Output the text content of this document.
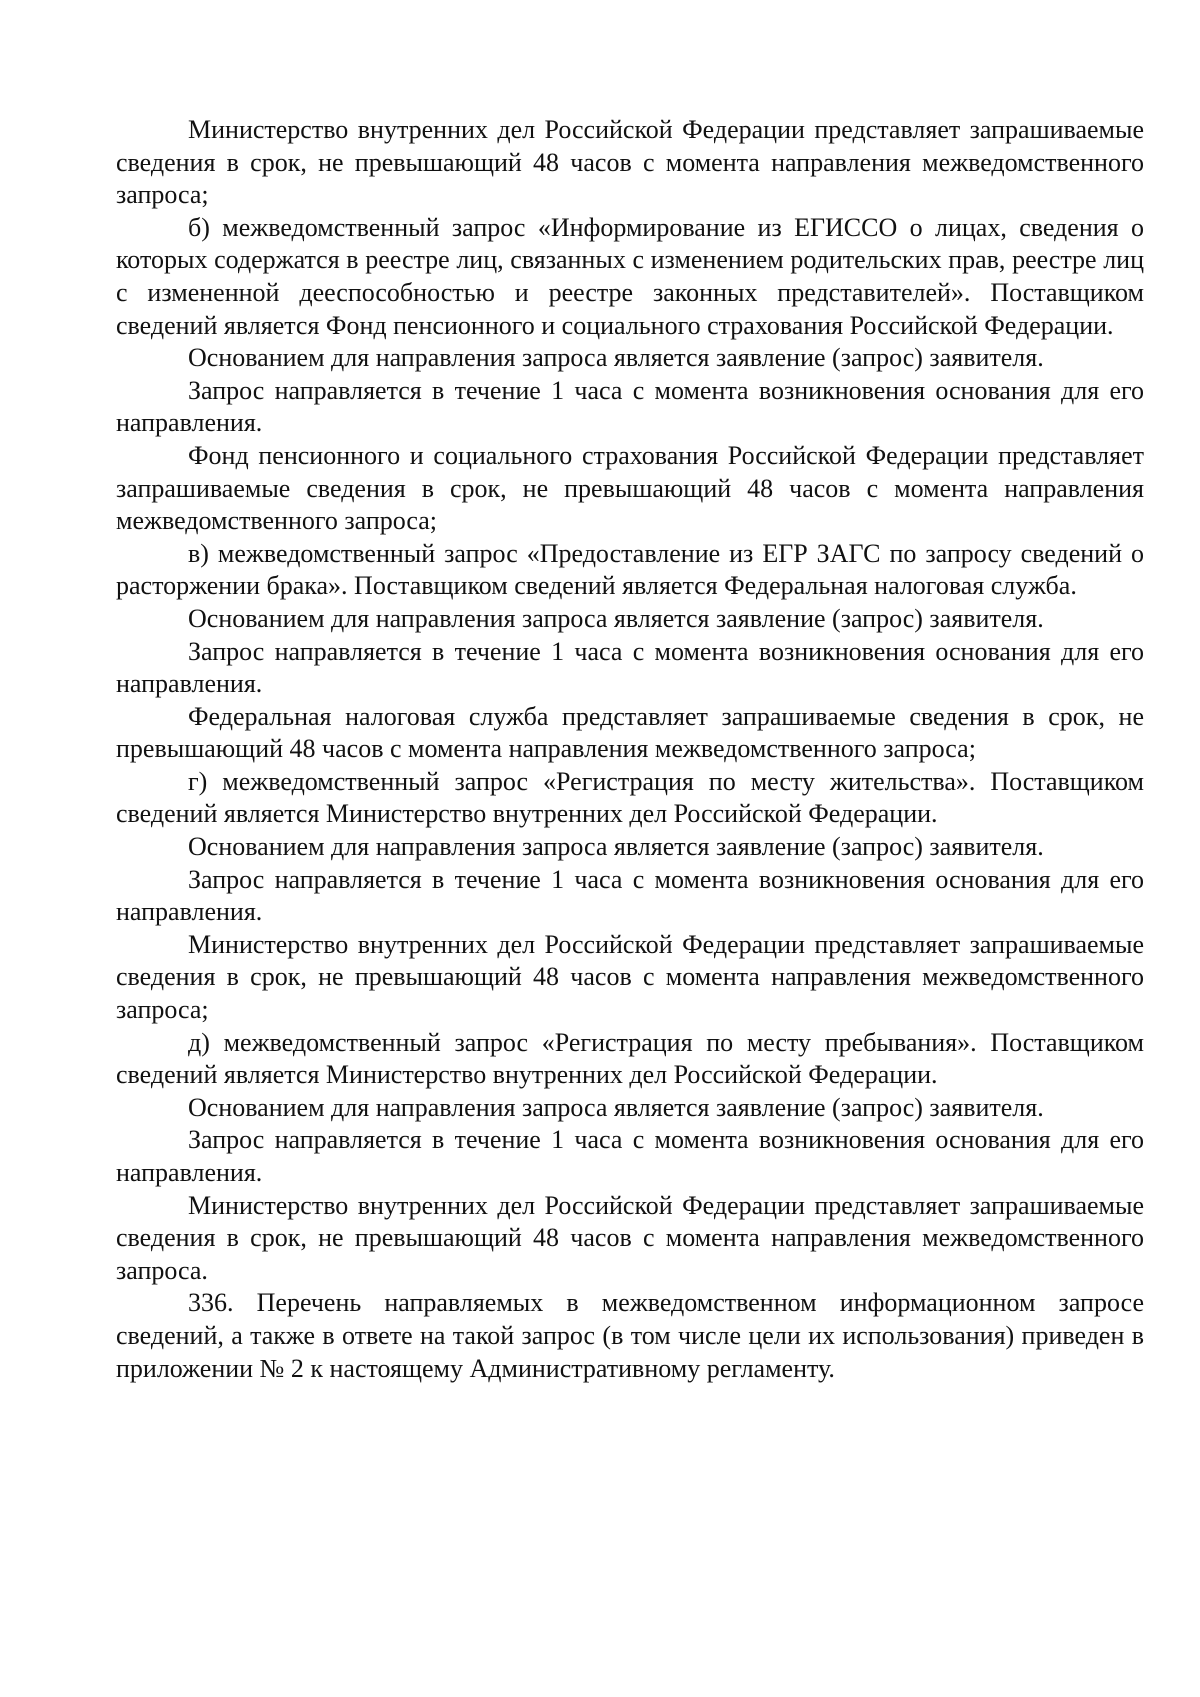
Министерство внутренних дел Российской Федерации представляет запрашиваемые сведения в срок, не превышающий 48 часов с момента направления межведомственного запроса;

б) межведомственный запрос «Информирование из ЕГИССО о лицах, сведения о которых содержатся в реестре лиц, связанных с изменением родительских прав, реестре лиц с измененной дееспособностью и реестре законных представителей». Поставщиком сведений является Фонд пенсионного и социального страхования Российской Федерации.

Основанием для направления запроса является заявление (запрос) заявителя.

Запрос направляется в течение 1 часа с момента возникновения основания для его направления.

Фонд пенсионного и социального страхования Российской Федерации представляет запрашиваемые сведения в срок, не превышающий 48 часов с момента направления межведомственного запроса;

в) межведомственный запрос «Предоставление из ЕГР ЗАГС по запросу сведений о расторжении брака». Поставщиком сведений является Федеральная налоговая служба.

Основанием для направления запроса является заявление (запрос) заявителя.

Запрос направляется в течение 1 часа с момента возникновения основания для его направления.

Федеральная налоговая служба представляет запрашиваемые сведения в срок, не превышающий 48 часов с момента направления межведомственного запроса;

г) межведомственный запрос «Регистрация по месту жительства». Поставщиком сведений является Министерство внутренних дел Российской Федерации.

Основанием для направления запроса является заявление (запрос) заявителя.

Запрос направляется в течение 1 часа с момента возникновения основания для его направления.

Министерство внутренних дел Российской Федерации представляет запрашиваемые сведения в срок, не превышающий 48 часов с момента направления межведомственного запроса;

д) межведомственный запрос «Регистрация по месту пребывания». Поставщиком сведений является Министерство внутренних дел Российской Федерации.

Основанием для направления запроса является заявление (запрос) заявителя.

Запрос направляется в течение 1 часа с момента возникновения основания для его направления.

Министерство внутренних дел Российской Федерации представляет запрашиваемые сведения в срок, не превышающий 48 часов с момента направления межведомственного запроса.

336. Перечень направляемых в межведомственном информационном запросе сведений, а также в ответе на такой запрос (в том числе цели их использования) приведен в приложении № 2 к настоящему Административному регламенту.
